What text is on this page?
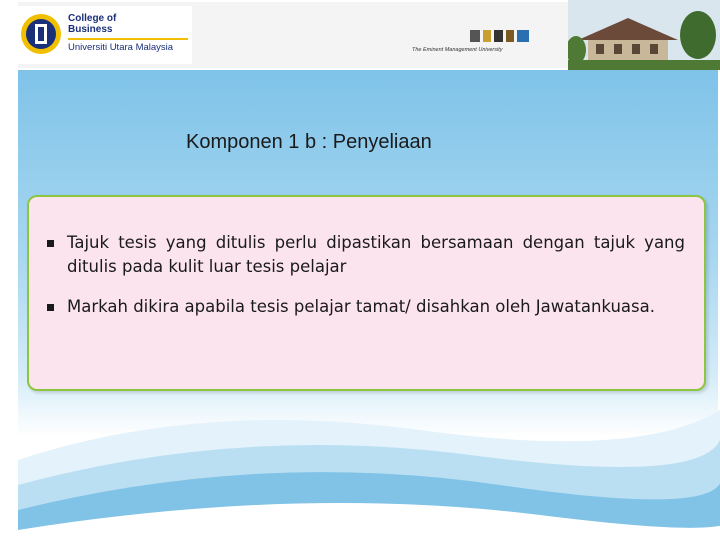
College of
Business
Universiti Utara Malaysia	The Eminent Management University
Komponen 1 b : Penyeliaan
Tajuk tesis yang ditulis perlu dipastikan bersamaan dengan tajuk yang ditulis pada kulit luar tesis pelajar
Markah dikira apabila tesis pelajar tamat/ disahkan oleh Jawatankuasa.
